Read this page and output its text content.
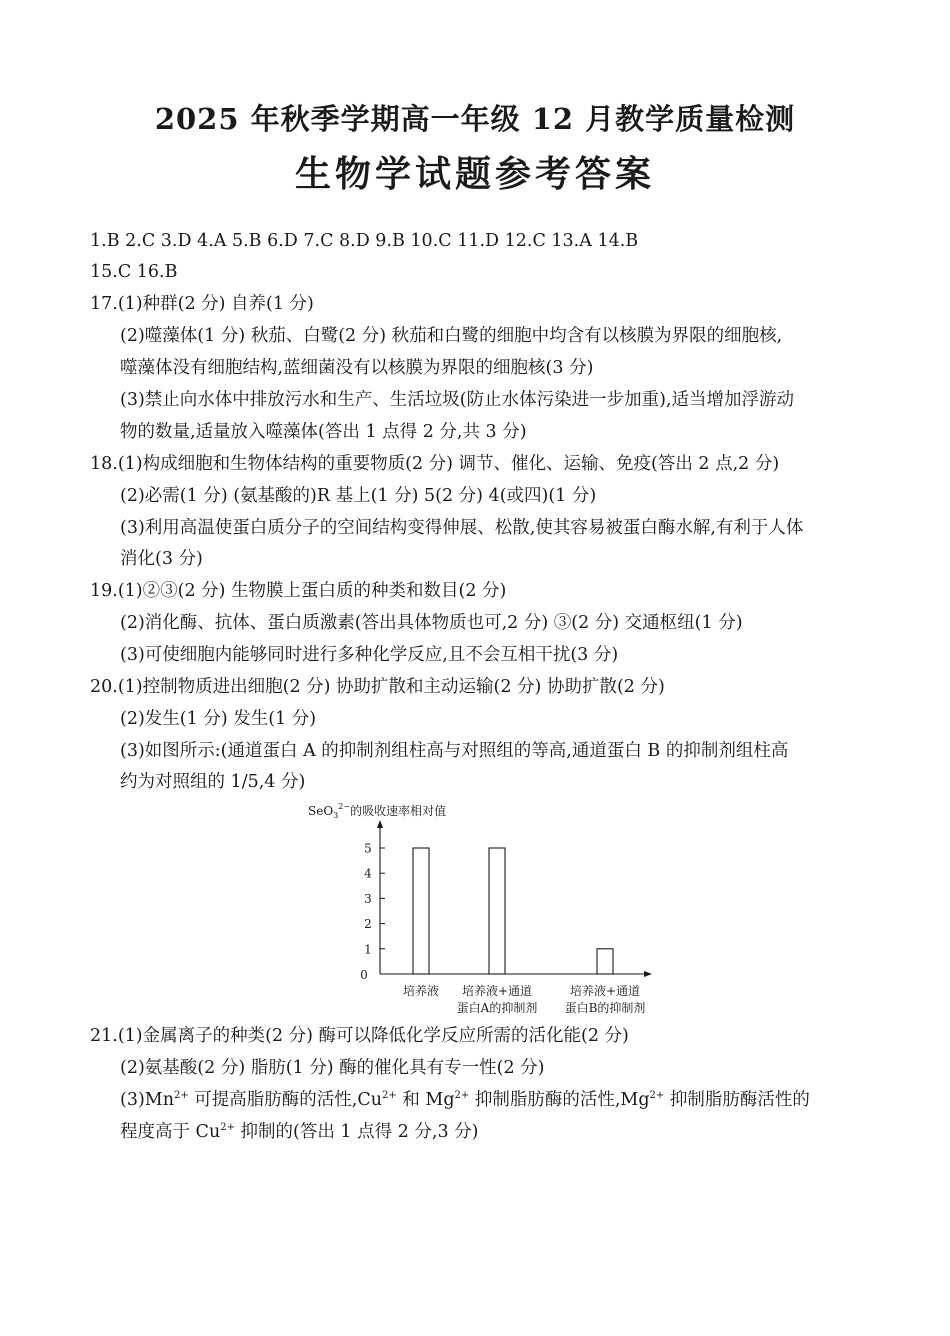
2025 年秋季学期高一年级 12 月教学质量检测
生物学试题参考答案
1.B 2.C 3.D 4.A 5.B 6.D 7.C 8.D 9.B 10.C 11.D 12.C 13.A 14.B
15.C 16.B
17.(1)种群(2 分) 自养(1 分)
(2)噬藻体(1 分) 秋茄、白鹭(2 分) 秋茄和白鹭的细胞中均含有以核膜为界限的细胞核,
噬藻体没有细胞结构,蓝细菌没有以核膜为界限的细胞核(3 分)
(3)禁止向水体中排放污水和生产、生活垃圾(防止水体污染进一步加重),适当增加浮游动
物的数量,适量放入噬藻体(答出 1 点得 2 分,共 3 分)
18.(1)构成细胞和生物体结构的重要物质(2 分) 调节、催化、运输、免疫(答出 2 点,2 分)
(2)必需(1 分) (氨基酸的)R 基上(1 分) 5(2 分) 4(或四)(1 分)
(3)利用高温使蛋白质分子的空间结构变得伸展、松散,使其容易被蛋白酶水解,有利于人体
消化(3 分)
19.(1)②③(2 分) 生物膜上蛋白质的种类和数目(2 分)
(2)消化酶、抗体、蛋白质激素(答出具体物质也可,2 分) ③(2 分) 交通枢纽(1 分)
(3)可使细胞内能够同时进行多种化学反应,且不会互相干扰(3 分)
20.(1)控制物质进出细胞(2 分) 协助扩散和主动运输(2 分) 协助扩散(2 分)
(2)发生(1 分) 发生(1 分)
(3)如图所示:(通道蛋白 A 的抑制剂组柱高与对照组的等高,通道蛋白 B 的抑制剂组柱高
约为对照组的 1/5,4 分)
SeO$_3^{2-}$的吸收速率相对值
0
1
2
3
4
5
培养液 培养液+通道
蛋白A的抑制剂
培养液+通道
蛋白B的抑制剂
21.(1)金属离子的种类(2 分) 酶可以降低化学反应所需的活化能(2 分)
(2)氨基酸(2 分) 脂肪(1 分) 酶的催化具有专一性(2 分)
$(3)Mn^{2+}$ 可提高脂肪酶的活性$,Cu^{2+}$ 和 $Mg^{2+}$ 抑制脂肪酶的活性$,Mg^{2+}$ 抑制脂肪酶活性的
程度高于 $Cu^{2+}$ 抑制的(答出 1 点得 2 分,3 分)
